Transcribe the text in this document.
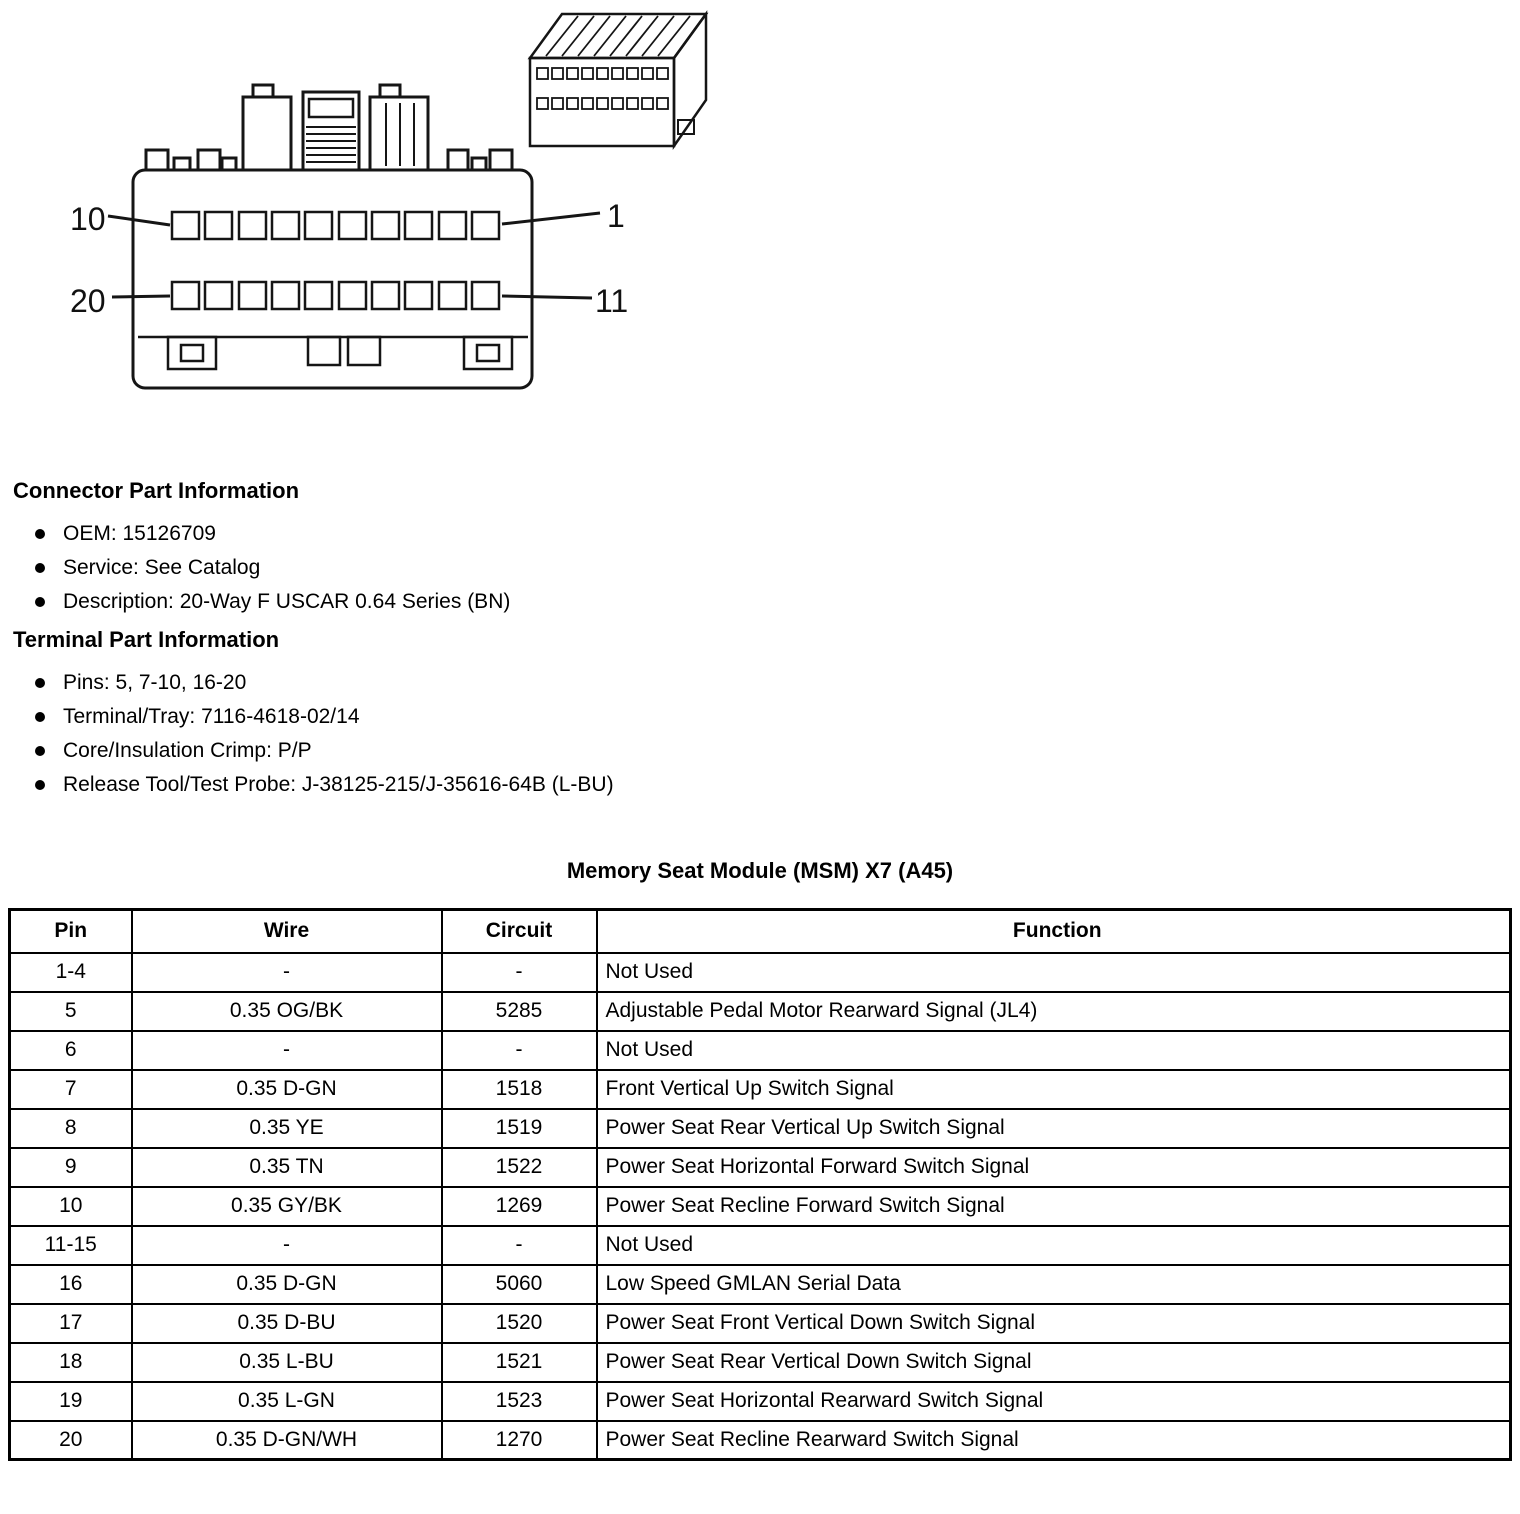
10	1
20	11
Connector Part Information
OEM: 15126709
Service: See Catalog
Description: 20-Way F USCAR 0.64 Series (BN)
Terminal Part Information
Pins: 5, 7-10, 16-20
Terminal/Tray: 7116-4618-02/14
Core/Insulation Crimp: P/P
Release Tool/Test Probe: J-38125-215/J-35616-64B (L-BU)
Memory Seat Module (MSM) X7 (A45)
Pin	Wire	Circuit	Function
1-4	-	-	Not Used
5	0.35 OG/BK	5285	Adjustable Pedal Motor Rearward Signal (JL4)
6	-	-	Not Used
7	0.35 D-GN	1518	Front Vertical Up Switch Signal
8	0.35 YE	1519	Power Seat Rear Vertical Up Switch Signal
9	0.35 TN	1522	Power Seat Horizontal Forward Switch Signal
10	0.35 GY/BK	1269	Power Seat Recline Forward Switch Signal
11-15	-	-	Not Used
16	0.35 D-GN	5060	Low Speed GMLAN Serial Data
17	0.35 D-BU	1520	Power Seat Front Vertical Down Switch Signal
18	0.35 L-BU	1521	Power Seat Rear Vertical Down Switch Signal
19	0.35 L-GN	1523	Power Seat Horizontal Rearward Switch Signal
20	0.35 D-GN/WH	1270	Power Seat Recline Rearward Switch Signal
